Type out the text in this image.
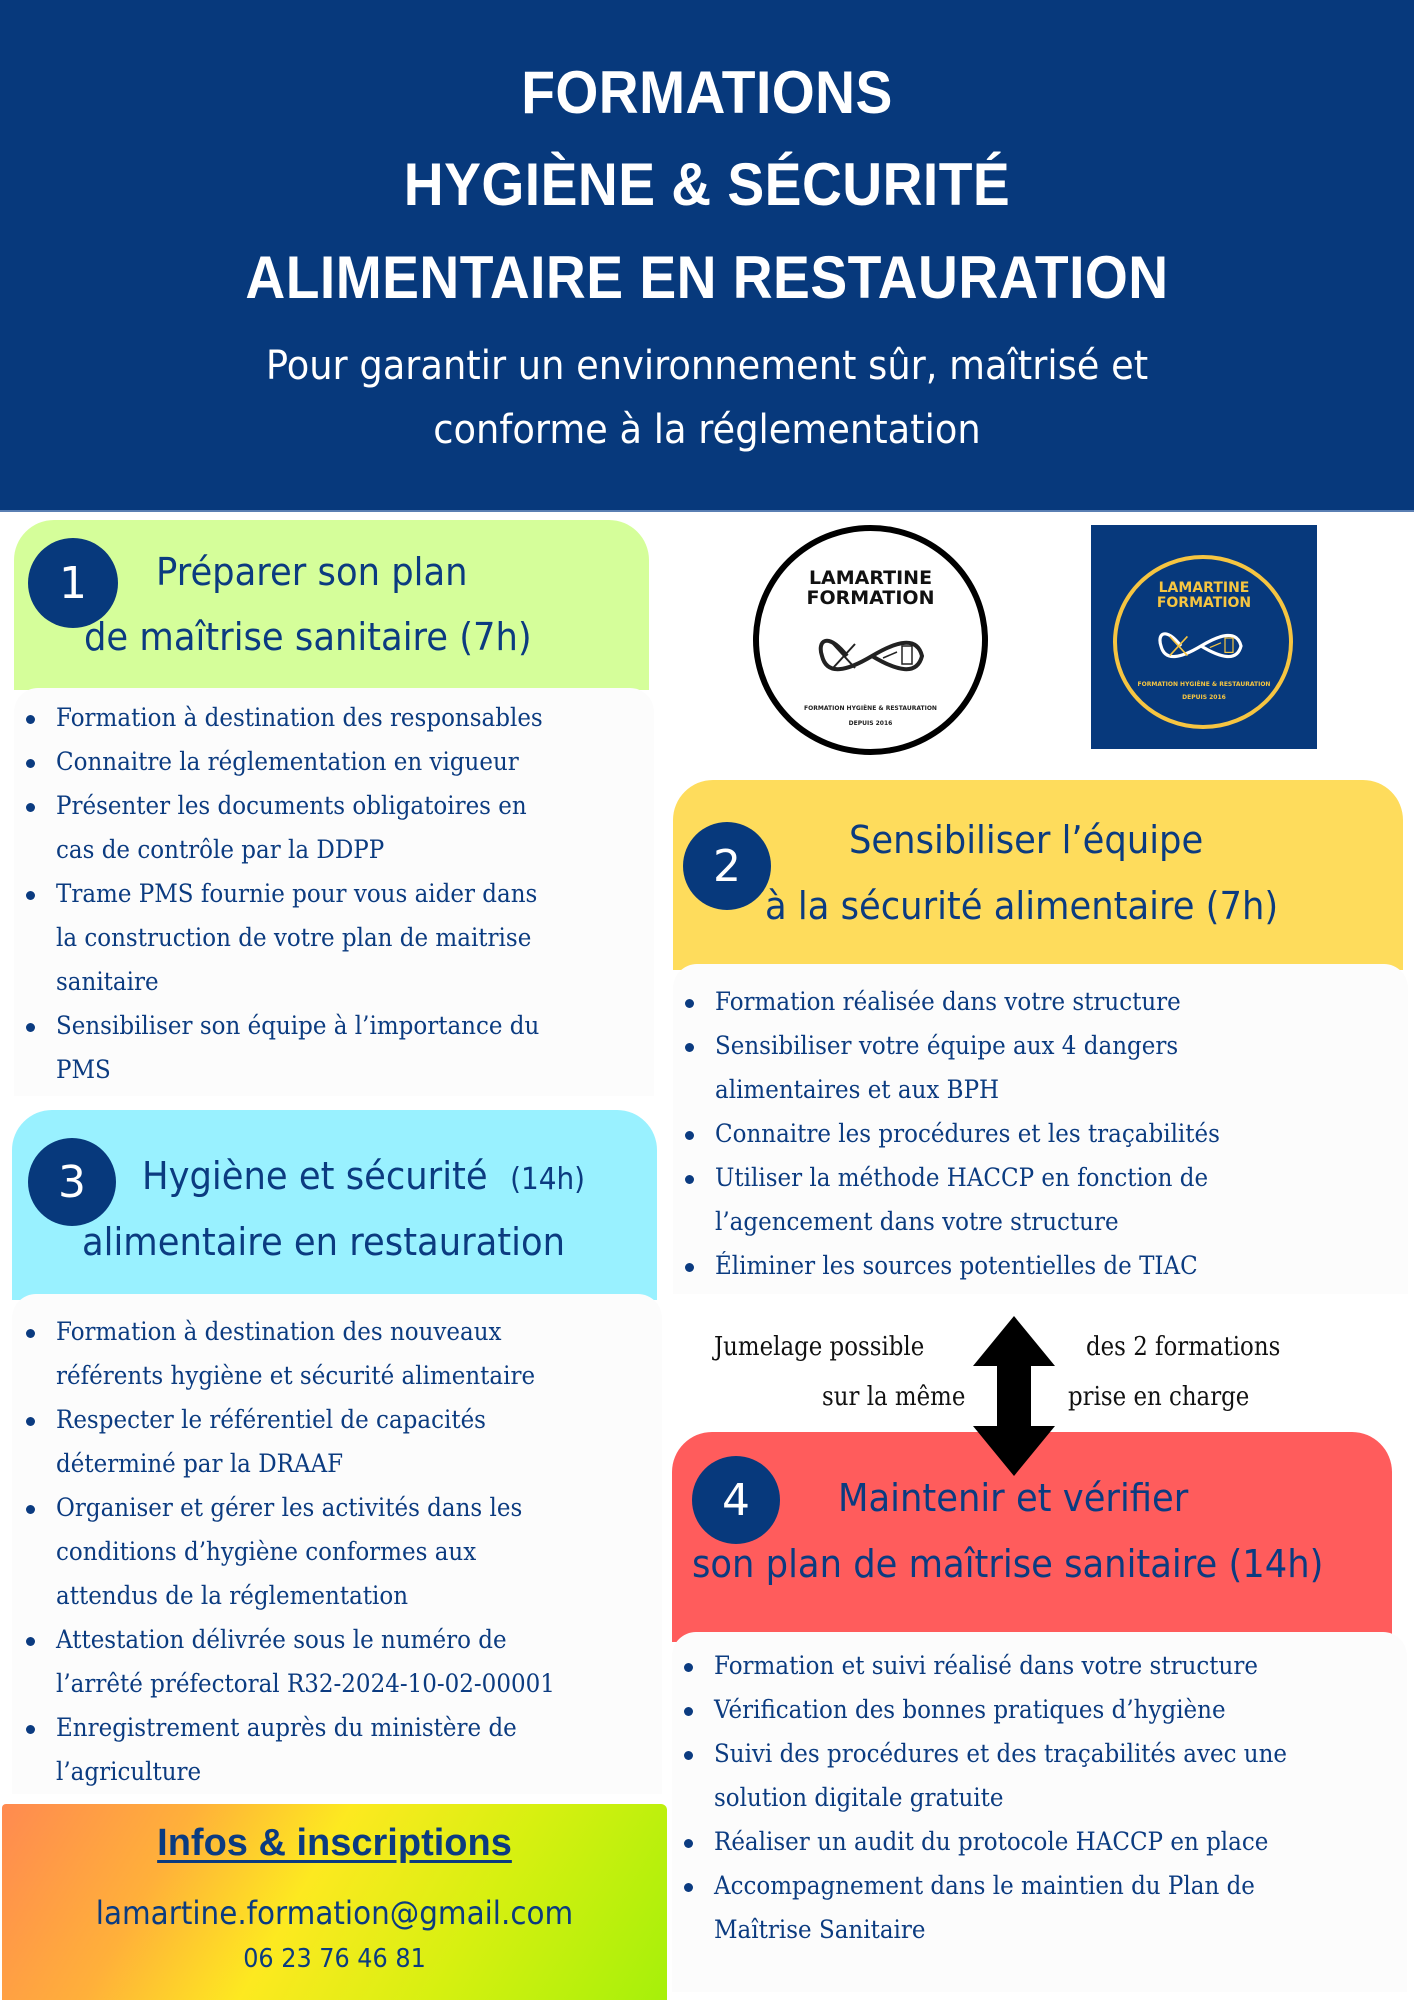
FORMATIONS
HYGIÈNE & SÉCURITÉ
ALIMENTAIRE EN RESTAURATION
Pour garantir un environnement sûr, maîtrisé et
conforme à la réglementation
1	Préparer son plan
de maîtrise sanitaire (7h)
Formation à destination des responsables
Connaitre la réglementation en vigueur
Présenter les documents obligatoires en
cas de contrôle par la DDPP
Trame PMS fournie pour vous aider dans
la construction de votre plan de maitrise
sanitaire
Sensibiliser son équipe à l’importance du
PMS
LAMARTINE
FORMATION
FORMATION HYGIÈNE & RESTAURATION
DEPUIS 2016
LAMARTINE
FORMATION
FORMATION HYGIÈNE & RESTAURATION
DEPUIS 2016
2
Sensibiliser l’équipe
à la sécurité alimentaire (7h)
Formation réalisée dans votre structure
Sensibiliser votre équipe aux 4 dangers
alimentaires et aux BPH
Connaitre les procédures et les traçabilités
Utiliser la méthode HACCP en fonction de
l’agencement dans votre structure
Éliminer les sources potentielles de TIAC
3	Hygiène et sécurité (14h)
alimentaire en restauration
Formation à destination des nouveaux
référents hygiène et sécurité alimentaire
Respecter le référentiel de capacités
déterminé par la DRAAF
Organiser et gérer les activités dans les
conditions d’hygiène conformes aux
attendus de la réglementation
Attestation délivrée sous le numéro de
l’arrêté préfectoral R32-2024-10-02-00001
Enregistrement auprès du ministère de
l’agriculture
Jumelage possible	des 2 formations
sur la même	prise en charge
4	Maintenir et vérifier
son plan de maîtrise sanitaire (14h)
Formation et suivi réalisé dans votre structure
Vérification des bonnes pratiques d’hygiène
Suivi des procédures et des traçabilités avec une
solution digitale gratuite
Réaliser un audit du protocole HACCP en place
Accompagnement dans le maintien du Plan de
Maîtrise Sanitaire
Infos & inscriptions
lamartine.formation@gmail.com
06 23 76 46 81
